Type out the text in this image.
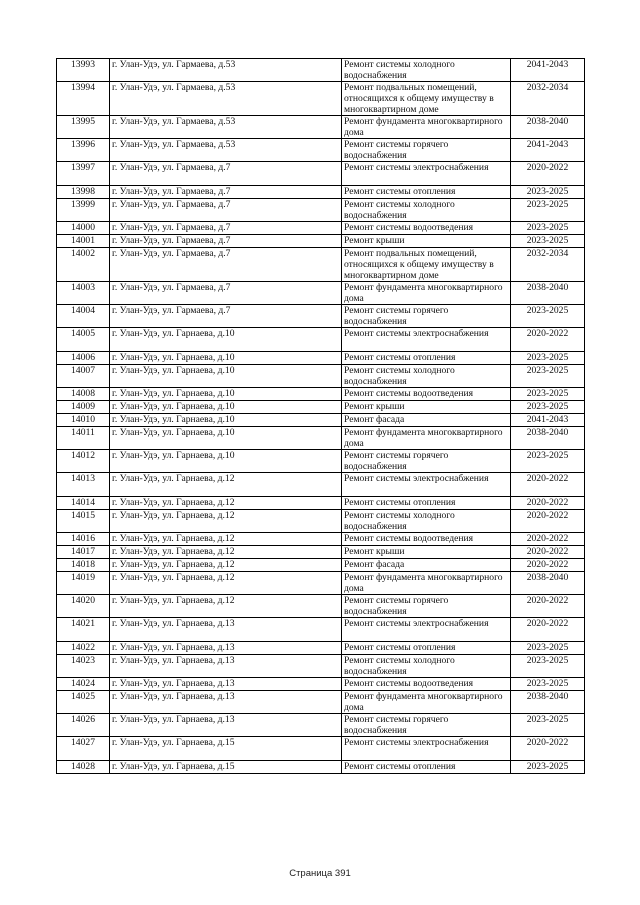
13993	г. Улан-Удэ, ул. Гармаева, д.53	Ремонт системы холодного
водоснабжения	2041-2043
13994	г. Улан-Удэ, ул. Гармаева, д.53	Ремонт подвальных помещений,
относящихся к общему имуществу в
многоквартирном доме	2032-2034
13995	г. Улан-Удэ, ул. Гармаева, д.53	Ремонт фундамента многоквартирного
дома	2038-2040
13996	г. Улан-Удэ, ул. Гармаева, д.53	Ремонт системы горячего
водоснабжения	2041-2043
13997	г. Улан-Удэ, ул. Гармаева, д.7	Ремонт системы электроснабжения	2020-2022
13998	г. Улан-Удэ, ул. Гармаева, д.7	Ремонт системы отопления	2023-2025
13999	г. Улан-Удэ, ул. Гармаева, д.7	Ремонт системы холодного
водоснабжения	2023-2025
14000	г. Улан-Удэ, ул. Гармаева, д.7	Ремонт системы водоотведения	2023-2025
14001	г. Улан-Удэ, ул. Гармаева, д.7	Ремонт крыши	2023-2025
14002	г. Улан-Удэ, ул. Гармаева, д.7	Ремонт подвальных помещений,
относящихся к общему имуществу в
многоквартирном доме	2032-2034
14003	г. Улан-Удэ, ул. Гармаева, д.7	Ремонт фундамента многоквартирного
дома	2038-2040
14004	г. Улан-Удэ, ул. Гармаева, д.7	Ремонт системы горячего
водоснабжения	2023-2025
14005	г. Улан-Удэ, ул. Гарнаева, д.10	Ремонт системы электроснабжения	2020-2022
14006	г. Улан-Удэ, ул. Гарнаева, д.10	Ремонт системы отопления	2023-2025
14007	г. Улан-Удэ, ул. Гарнаева, д.10	Ремонт системы холодного
водоснабжения	2023-2025
14008	г. Улан-Удэ, ул. Гарнаева, д.10	Ремонт системы водоотведения	2023-2025
14009	г. Улан-Удэ, ул. Гарнаева, д.10	Ремонт крыши	2023-2025
14010	г. Улан-Удэ, ул. Гарнаева, д.10	Ремонт фасада	2041-2043
14011	г. Улан-Удэ, ул. Гарнаева, д.10	Ремонт фундамента многоквартирного
дома	2038-2040
14012	г. Улан-Удэ, ул. Гарнаева, д.10	Ремонт системы горячего
водоснабжения	2023-2025
14013	г. Улан-Удэ, ул. Гарнаева, д.12	Ремонт системы электроснабжения	2020-2022
14014	г. Улан-Удэ, ул. Гарнаева, д.12	Ремонт системы отопления	2020-2022
14015	г. Улан-Удэ, ул. Гарнаева, д.12	Ремонт системы холодного
водоснабжения	2020-2022
14016	г. Улан-Удэ, ул. Гарнаева, д.12	Ремонт системы водоотведения	2020-2022
14017	г. Улан-Удэ, ул. Гарнаева, д.12	Ремонт крыши	2020-2022
14018	г. Улан-Удэ, ул. Гарнаева, д.12	Ремонт фасада	2020-2022
14019	г. Улан-Удэ, ул. Гарнаева, д.12	Ремонт фундамента многоквартирного
дома	2038-2040
14020	г. Улан-Удэ, ул. Гарнаева, д.12	Ремонт системы горячего
водоснабжения	2020-2022
14021	г. Улан-Удэ, ул. Гарнаева, д.13	Ремонт системы электроснабжения	2020-2022
14022	г. Улан-Удэ, ул. Гарнаева, д.13	Ремонт системы отопления	2023-2025
14023	г. Улан-Удэ, ул. Гарнаева, д.13	Ремонт системы холодного
водоснабжения	2023-2025
14024	г. Улан-Удэ, ул. Гарнаева, д.13	Ремонт системы водоотведения	2023-2025
14025	г. Улан-Удэ, ул. Гарнаева, д.13	Ремонт фундамента многоквартирного
дома	2038-2040
14026	г. Улан-Удэ, ул. Гарнаева, д.13	Ремонт системы горячего
водоснабжения	2023-2025
14027	г. Улан-Удэ, ул. Гарнаева, д.15	Ремонт системы электроснабжения	2020-2022
14028	г. Улан-Удэ, ул. Гарнаева, д.15	Ремонт системы отопления	2023-2025
Страница 391
